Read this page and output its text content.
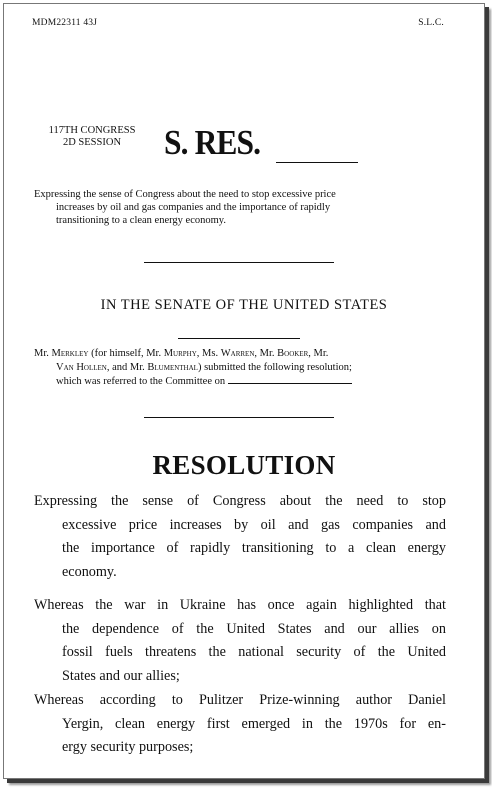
MDM22311 43J	S.L.C.
117TH CONGRESS
2D SESSION	S. RES.
Expressing the sense of Congress about the need to stop excessive price
increases by oil and gas companies and the importance of rapidly
transitioning to a clean energy economy.
IN THE SENATE OF THE UNITED STATES
Mr. Merkley (for himself, Mr. Murphy, Ms. Warren, Mr. Booker, Mr.
Van Hollen, and Mr. Blumenthal) submitted the following resolution;
which was referred to the Committee on
RESOLUTION
Expressing the sense of Congress about the need to stop
excessive price increases by oil and gas companies and
the importance of rapidly transitioning to a clean energy
economy.
Whereas the war in Ukraine has once again highlighted that
the dependence of the United States and our allies on
fossil fuels threatens the national security of the United
States and our allies;
Whereas according to Pulitzer Prize-winning author Daniel
Yergin, clean energy first emerged in the 1970s for en-
ergy security purposes;
